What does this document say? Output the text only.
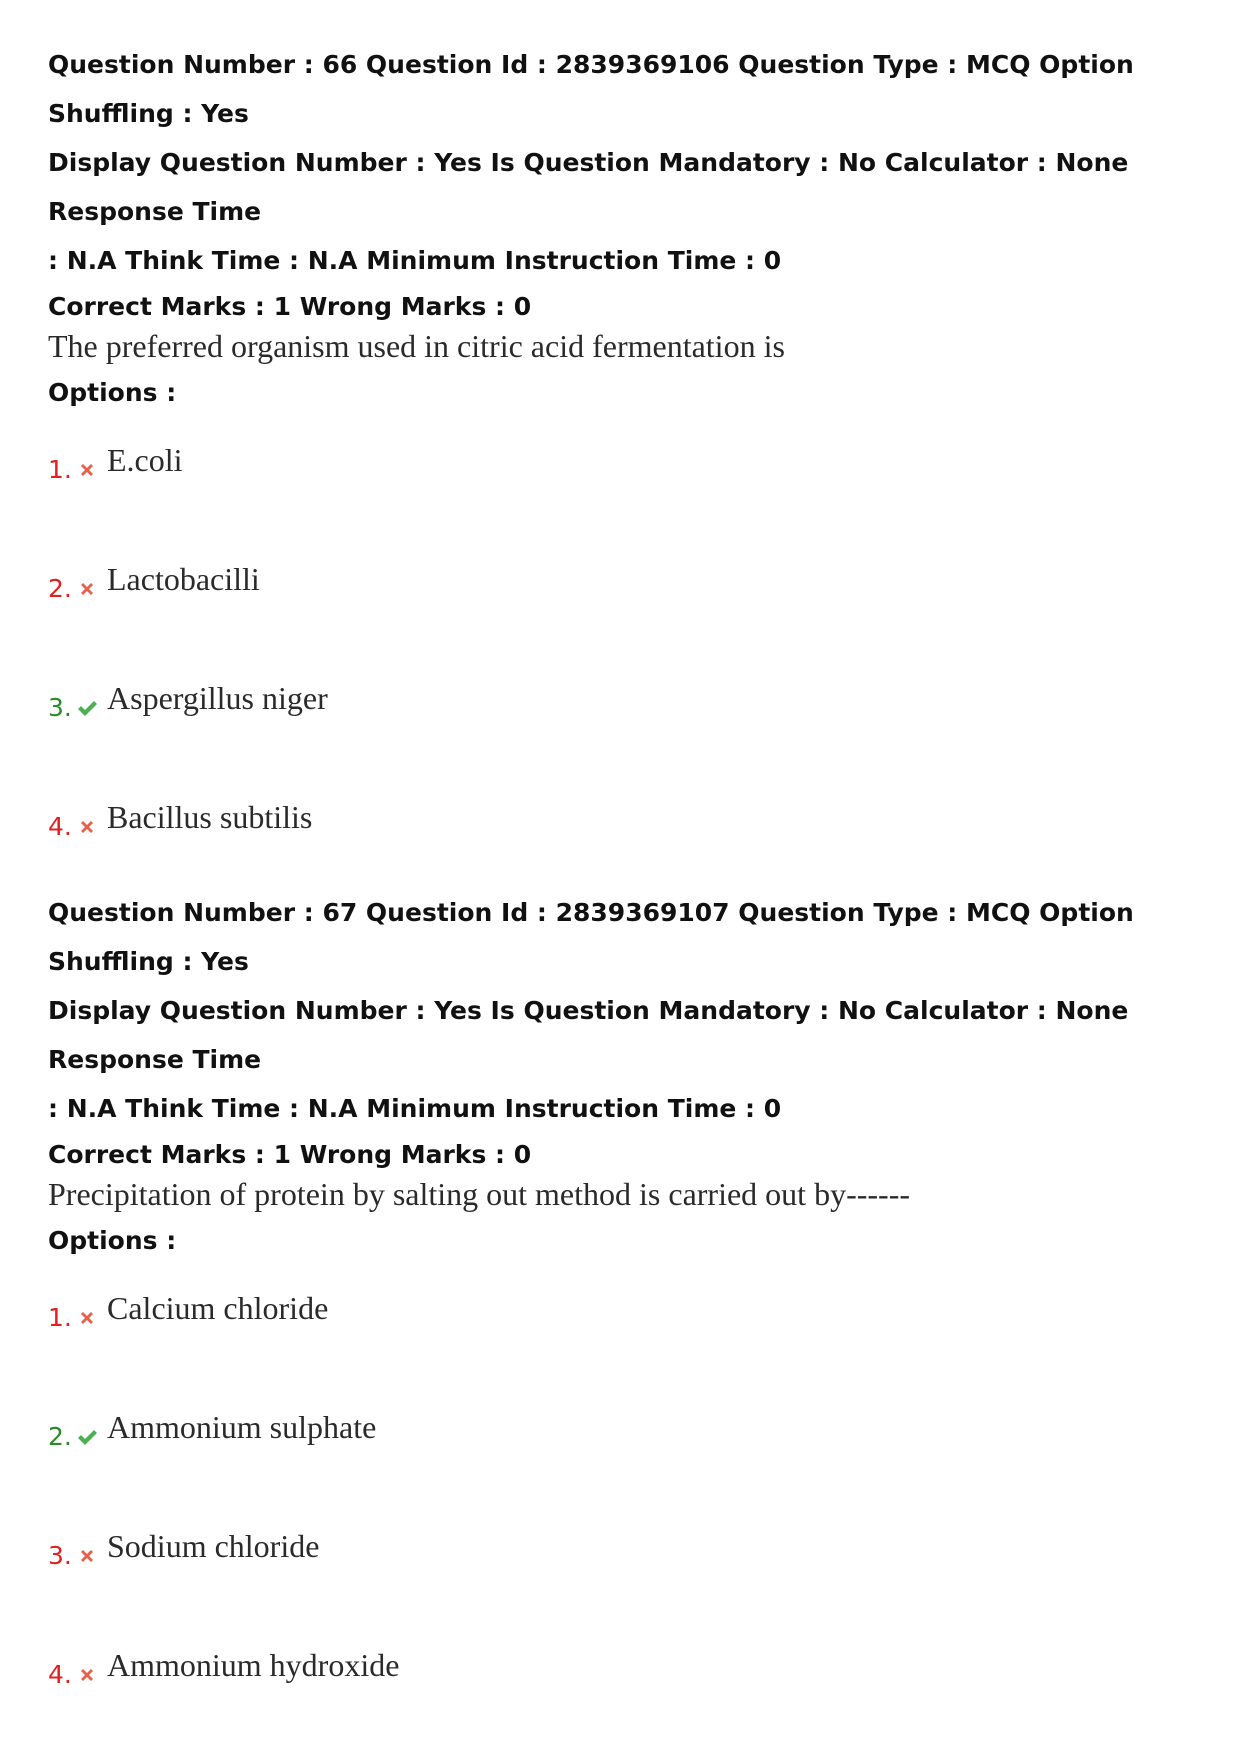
Question Number : 66 Question Id : 2839369106 Question Type : MCQ Option Shuffling : Yes
Display Question Number : Yes Is Question Mandatory : No Calculator : None Response Time
: N.A Think Time : N.A Minimum Instruction Time : 0
Correct Marks : 1 Wrong Marks : 0
The preferred organism used in citric acid fermentation is
Options :
1. E.coli
2. Lactobacilli
3. Aspergillus niger
4. Bacillus subtilis
Question Number : 67 Question Id : 2839369107 Question Type : MCQ Option Shuffling : Yes
Display Question Number : Yes Is Question Mandatory : No Calculator : None Response Time
: N.A Think Time : N.A Minimum Instruction Time : 0
Correct Marks : 1 Wrong Marks : 0
Precipitation of protein by salting out method is carried out by------
Options :
1. Calcium chloride
2. Ammonium sulphate
3. Sodium chloride
4. Ammonium hydroxide
